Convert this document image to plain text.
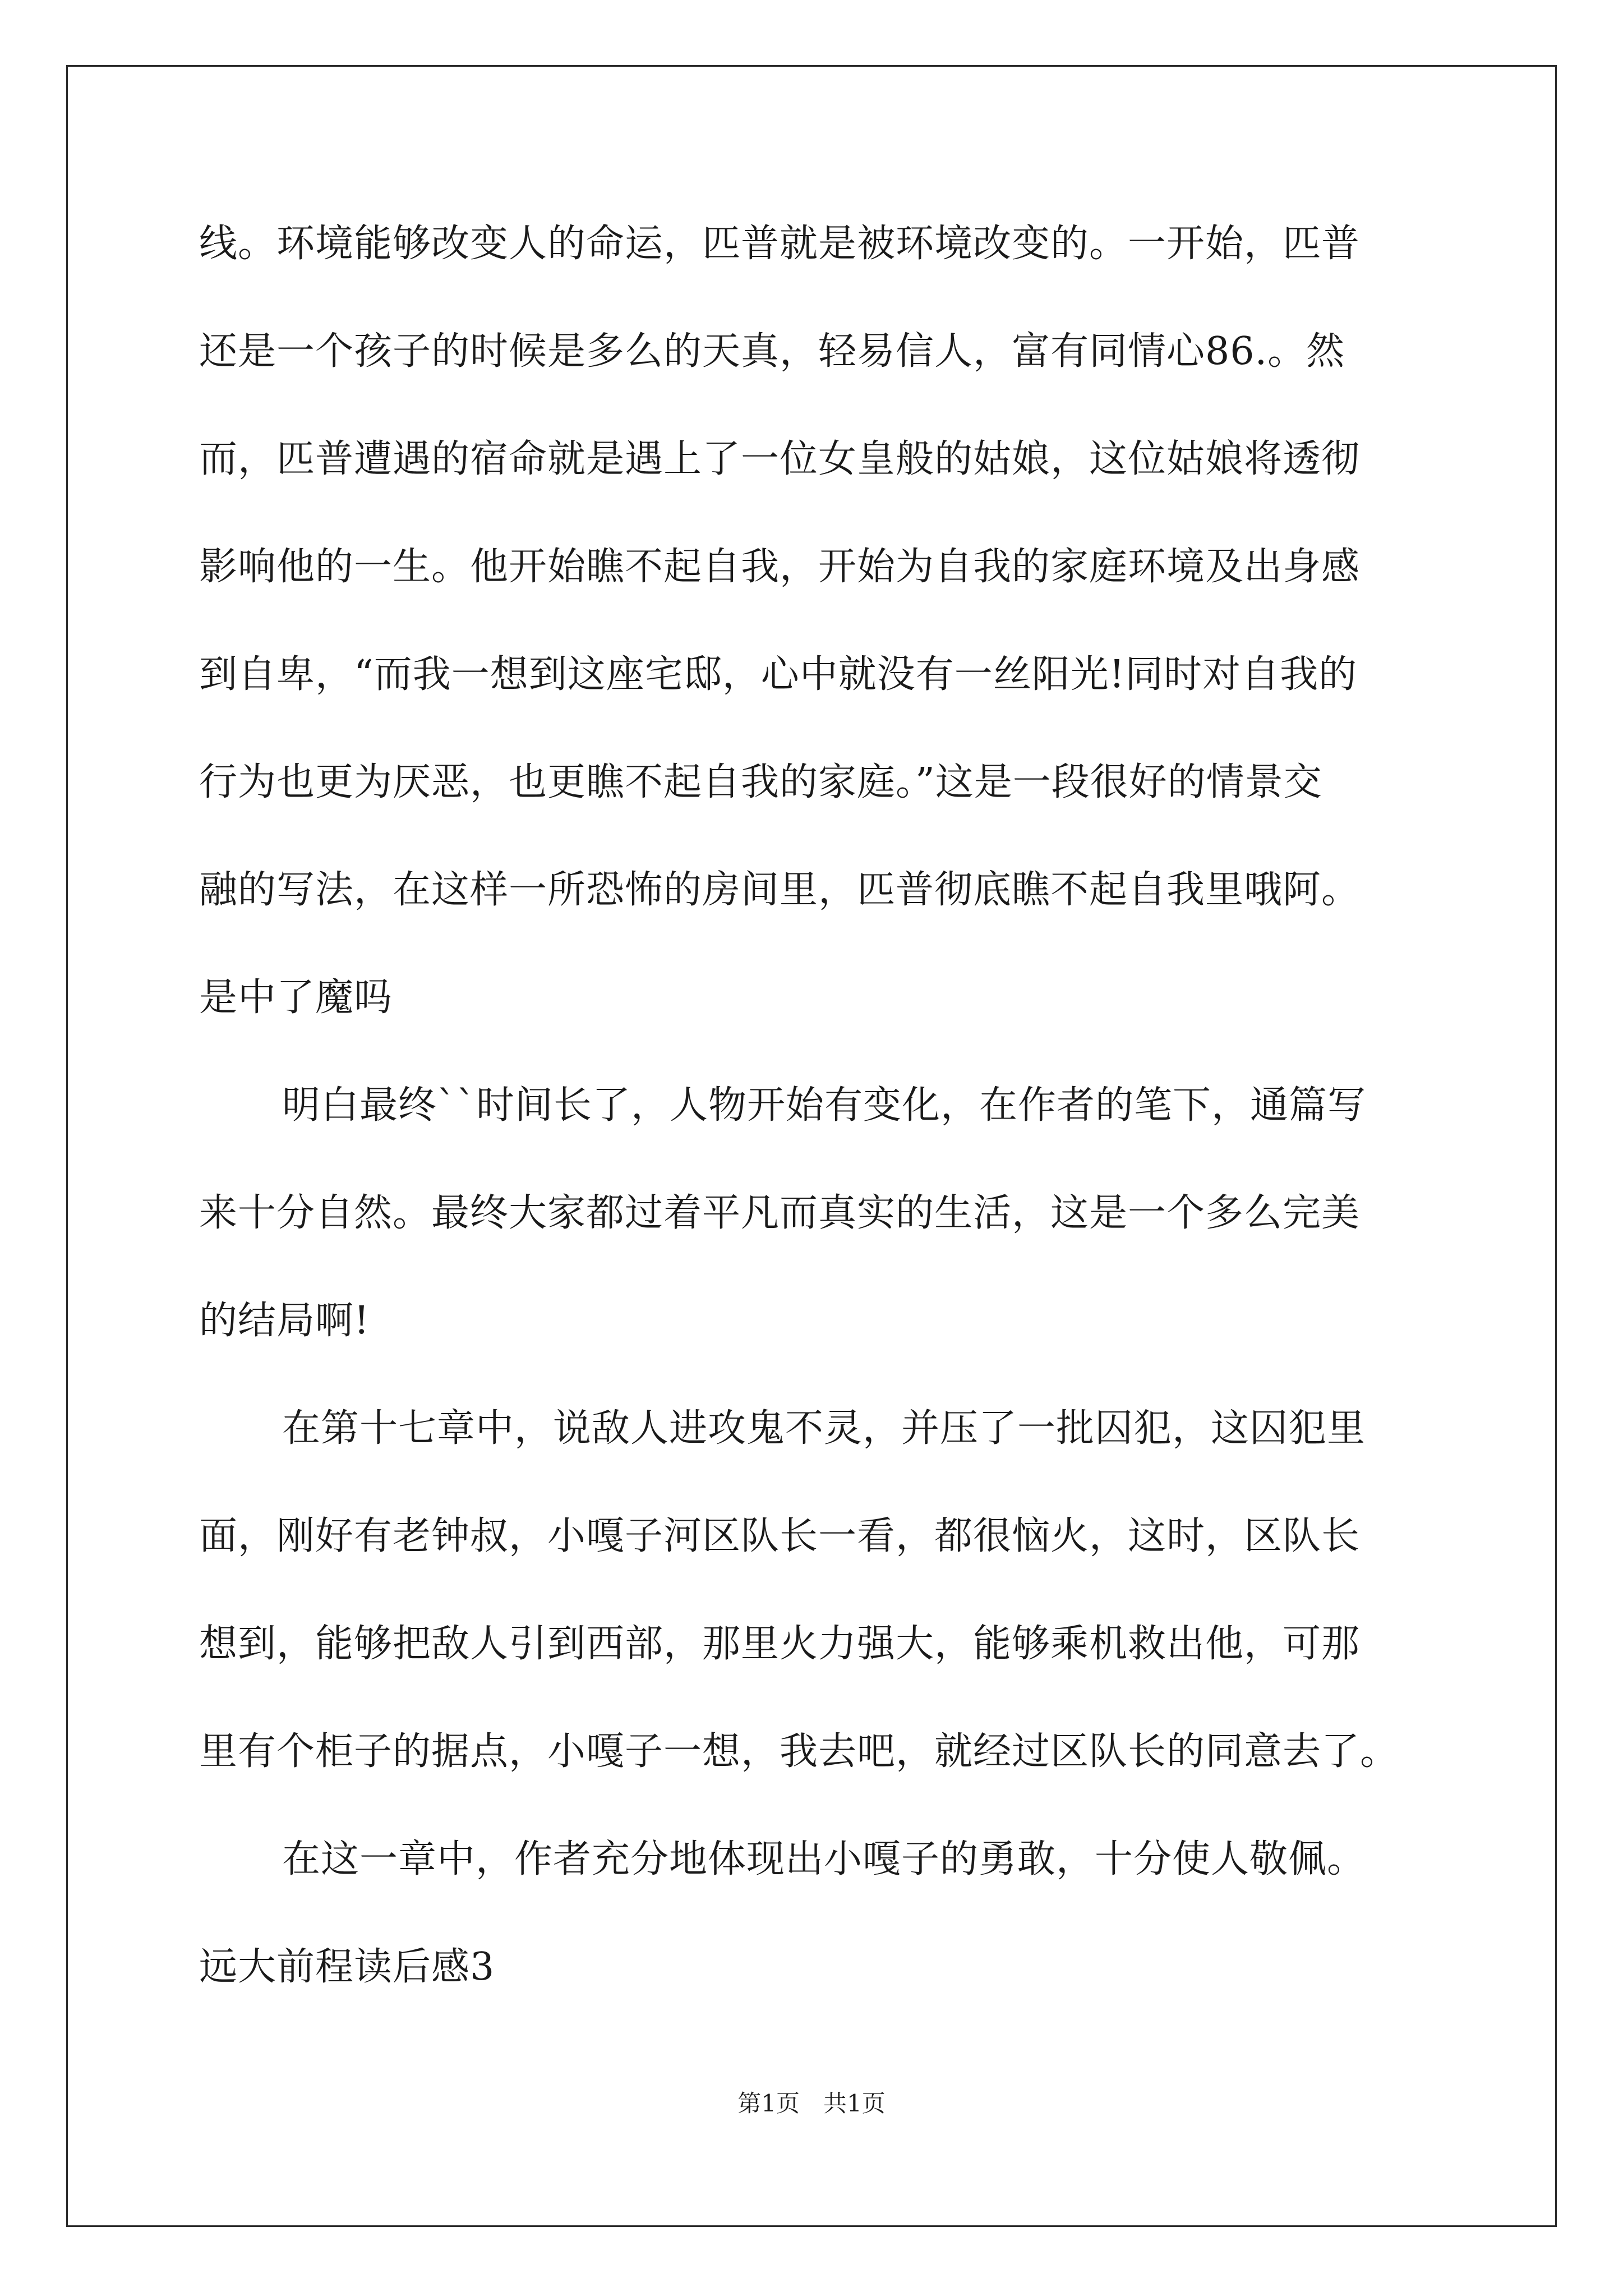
线。环境能够改变人的命运，匹普就是被环境改变的。一开始，匹普
还是一个孩子的时候是多么的天真，轻易信人，富有同情心86.。然
而，匹普遭遇的宿命就是遇上了一位女皇般的姑娘，这位姑娘将透彻
影响他的一生。他开始瞧不起自我，开始为自我的家庭环境及出身感
到自卑，“而我一想到这座宅邸，心中就没有一丝阳光!同时对自我的
行为也更为厌恶，也更瞧不起自我的家庭。”这是一段很好的情景交
融的写法，在这样一所恐怖的房间里，匹普彻底瞧不起自我里哦阿。
是中了魔吗
明白最终``时间长了，人物开始有变化，在作者的笔下，通篇写
来十分自然。最终大家都过着平凡而真实的生活，这是一个多么完美
的结局啊!
在第十七章中，说敌人进攻鬼不灵，并压了一批囚犯，这囚犯里
面，刚好有老钟叔，小嘎子河区队长一看，都很恼火，这时，区队长
想到，能够把敌人引到西部，那里火力强大，能够乘机救出他，可那
里有个柜子的据点，小嘎子一想，我去吧，就经过区队长的同意去了。
在这一章中，作者充分地体现出小嘎子的勇敢，十分使人敬佩。
远大前程读后感3
第1页　共1页
